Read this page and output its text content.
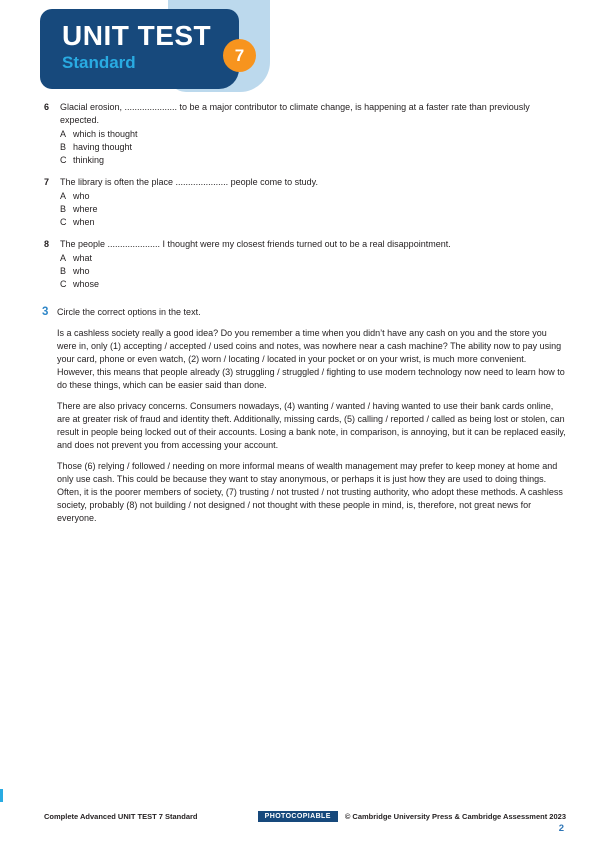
UNIT TEST
Standard	7
6	Glacial erosion, ..................... to be a major contributor to climate change, is happening at a faster rate than previously expected.
A which is thought
B having thought
C thinking
7	The library is often the place ..................... people come to study.
A who
B where
C when
8	The people ..................... I thought were my closest friends turned out to be a real disappointment.
A what
B who
C whose
3 Circle the correct options in the text.

Is a cashless society really a good idea? Do you remember a time when you didn’t have any cash on you and the store you were in, only (1) accepting / accepted / used coins and notes, was nowhere near a cash machine? The ability now to pay using your card, phone or even watch, (2) worn / locating / located in your pocket or on your wrist, is much more convenient. However, this means that people already (3) struggling / struggled / fighting to use modern technology now need to learn how to do these things, which can be easier said than done.

There are also privacy concerns. Consumers nowadays, (4) wanting / wanted / having wanted to use their bank cards online, are at greater risk of fraud and identity theft. Additionally, missing cards, (5) calling / reported / called as being lost or stolen, can result in people being locked out of their accounts. Losing a bank note, in comparison, is annoying, but it can be replaced easily, and does not prevent you from accessing your account.

Those (6) relying / followed / needing on more informal means of wealth management may prefer to keep money at home and only use cash. This could be because they want to stay anonymous, or perhaps it is just how they are used to doing things. Often, it is the poorer members of society, (7) trusting / not trusted / not trusting authority, who adopt these methods. A cashless society, probably (8) not building / not designed / not thought with these people in mind, is, therefore, not great news for everyone.

Complete Advanced UNIT TEST 7 Standard	PHOTOCOPIABLE	© Cambridge University Press & Cambridge Assessment 2023
2
